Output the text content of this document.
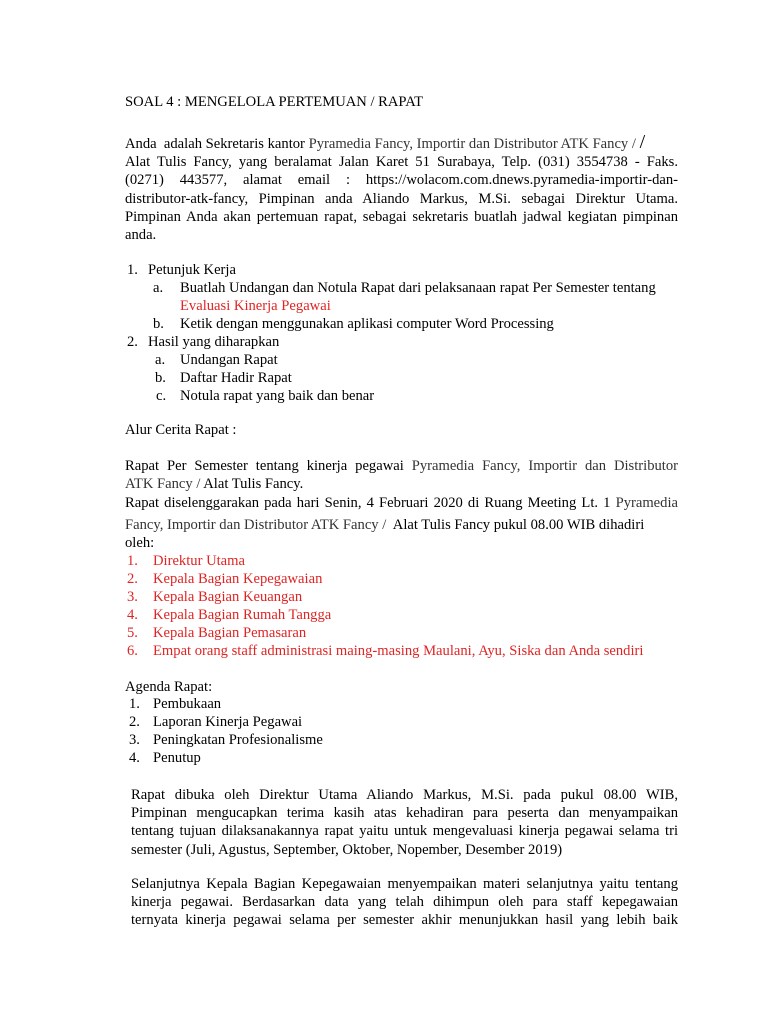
SOAL 4 : MENGELOLA PERTEMUAN / RAPAT
Anda  adalah Sekretaris kantor Pyramedia Fancy, Importir dan Distributor ATK Fancy / /
Alat Tulis Fancy, yang beralamat Jalan Karet 51 Surabaya, Telp. (031) 3554738 - Faks.
(0271) 443577, alamat email : https://wolacom.com.dnews.pyramedia-importir-dan-
distributor-atk-fancy, Pimpinan anda Aliando Markus, M.Si. sebagai Direktur Utama.
Pimpinan Anda akan pertemuan rapat, sebagai sekretaris buatlah jadwal kegiatan pimpinan
anda.
1. Petunjuk Kerja
a. Buatlah Undangan dan Notula Rapat dari pelaksanaan rapat Per Semester tentang
Evaluasi Kinerja Pegawai
b. Ketik dengan menggunakan aplikasi computer Word Processing
2. Hasil yang diharapkan
a. Undangan Rapat
b. Daftar Hadir Rapat
c. Notula rapat yang baik dan benar
Alur Cerita Rapat :
Rapat Per Semester tentang kinerja pegawai Pyramedia Fancy, Importir dan Distributor
ATK Fancy / Alat Tulis Fancy.
Rapat diselenggarakan pada hari Senin, 4 Februari 2020 di Ruang Meeting Lt. 1 Pyramedia
Fancy, Importir dan Distributor ATK Fancy /  Alat Tulis Fancy pukul 08.00 WIB dihadiri
oleh:
1. Direktur Utama
2. Kepala Bagian Kepegawaian
3. Kepala Bagian Keuangan
4. Kepala Bagian Rumah Tangga
5. Kepala Bagian Pemasaran
6. Empat orang staff administrasi maing-masing Maulani, Ayu, Siska dan Anda sendiri
Agenda Rapat:
1. Pembukaan
2. Laporan Kinerja Pegawai
3. Peningkatan Profesionalisme
4. Penutup
Rapat dibuka oleh Direktur Utama Aliando Markus, M.Si. pada pukul 08.00 WIB,
Pimpinan mengucapkan terima kasih atas kehadiran para peserta dan menyampaikan
tentang tujuan dilaksanakannya rapat yaitu untuk mengevaluasi kinerja pegawai selama tri
semester (Juli, Agustus, September, Oktober, Nopember, Desember 2019)
Selanjutnya Kepala Bagian Kepegawaian menyempaikan materi selanjutnya yaitu tentang
kinerja pegawai. Berdasarkan data yang telah dihimpun oleh para staff kepegawaian
ternyata kinerja pegawai selama per semester akhir menunjukkan hasil yang lebih baik
